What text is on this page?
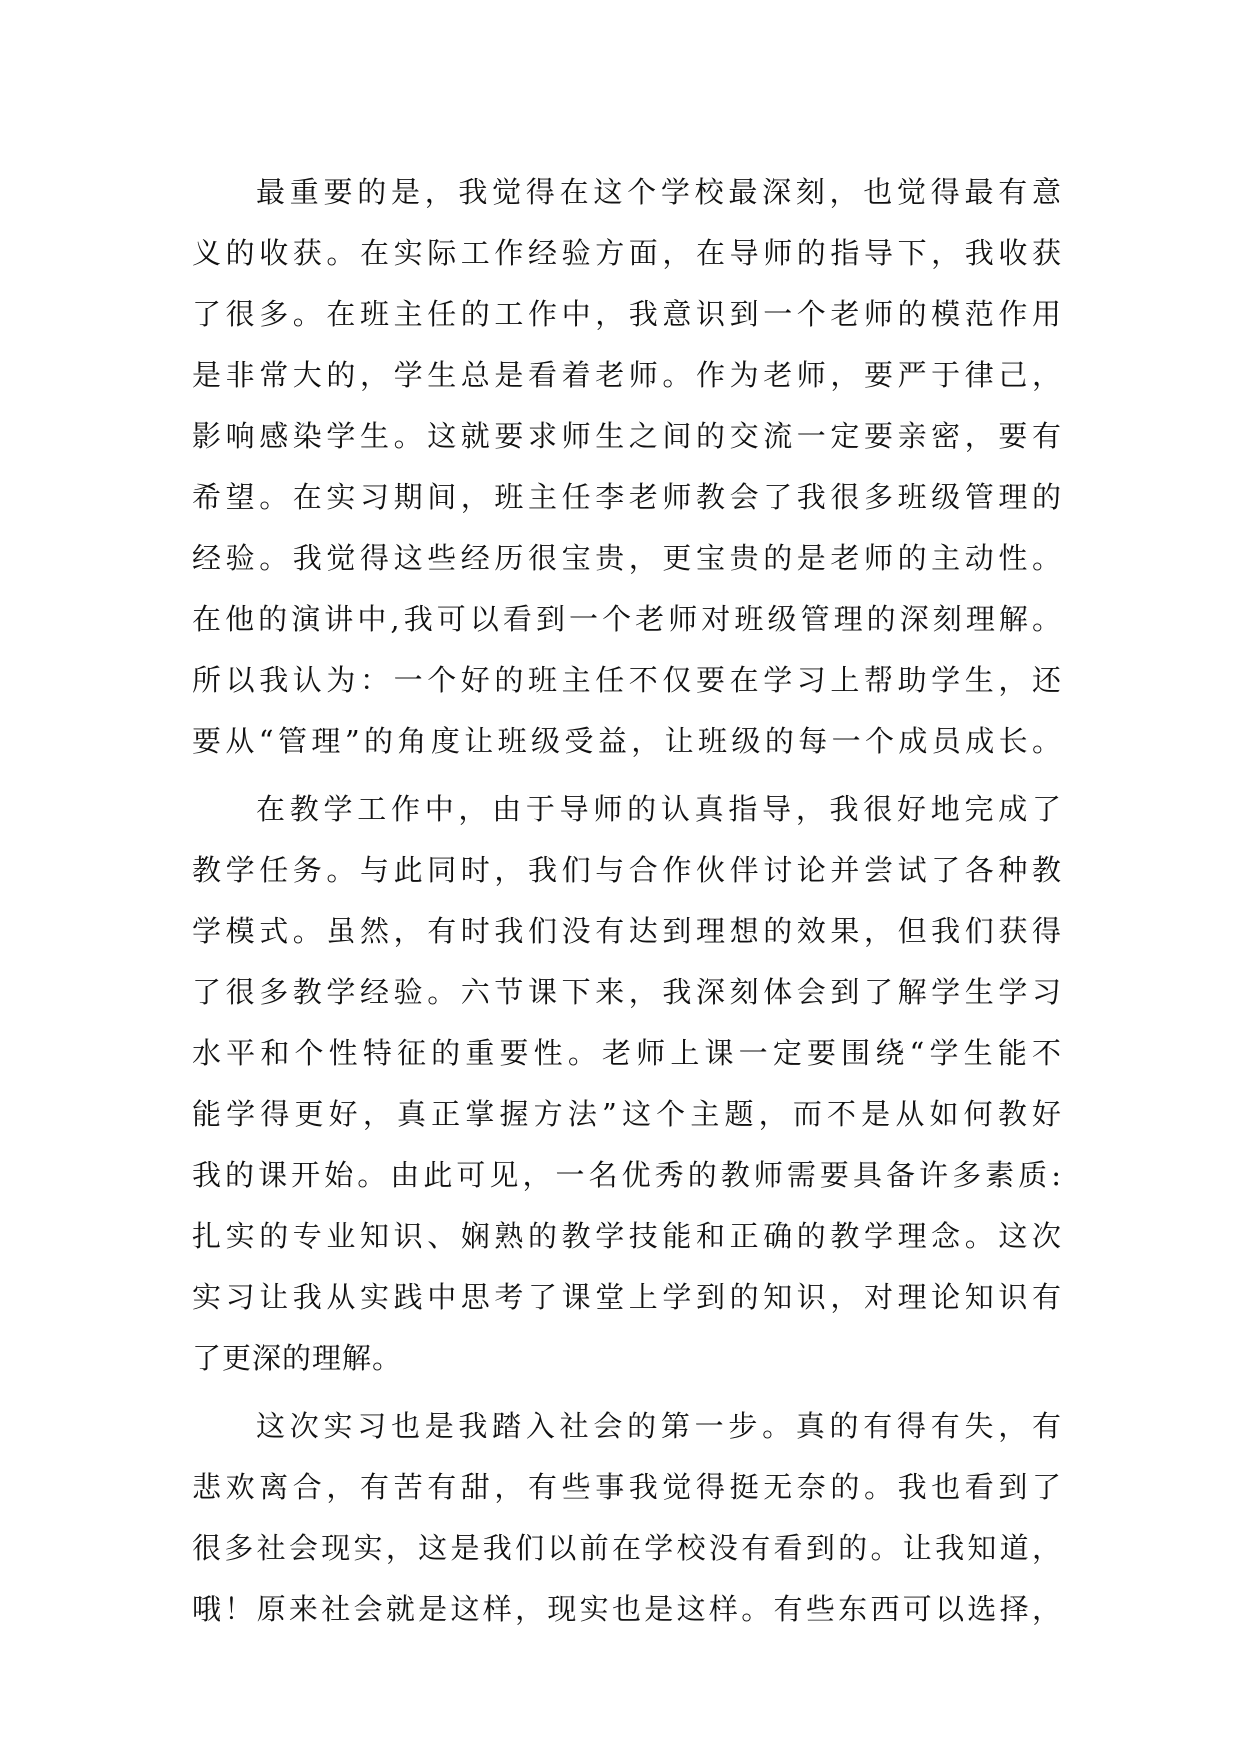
最重要的是，我觉得在这个学校最深刻，也觉得最有意
义的收获。在实际工作经验方面，在导师的指导下，我收获
了很多。在班主任的工作中，我意识到一个老师的模范作用
是非常大的，学生总是看着老师。作为老师，要严于律己，
影响感染学生。这就要求师生之间的交流一定要亲密，要有
希望。在实习期间，班主任李老师教会了我很多班级管理的
经验。我觉得这些经历很宝贵，更宝贵的是老师的主动性。
在他的演讲中,我可以看到一个老师对班级管理的深刻理解。
所以我认为：一个好的班主任不仅要在学习上帮助学生，还
要从“管理”的角度让班级受益，让班级的每一个成员成长。
在教学工作中，由于导师的认真指导，我很好地完成了
教学任务。与此同时，我们与合作伙伴讨论并尝试了各种教
学模式。虽然，有时我们没有达到理想的效果，但我们获得
了很多教学经验。六节课下来，我深刻体会到了解学生学习
水平和个性特征的重要性。老师上课一定要围绕“学生能不
能学得更好，真正掌握方法”这个主题，而不是从如何教好
我的课开始。由此可见，一名优秀的教师需要具备许多素质:
扎实的专业知识、娴熟的教学技能和正确的教学理念。这次
实习让我从实践中思考了课堂上学到的知识，对理论知识有
了更深的理解。
这次实习也是我踏入社会的第一步。真的有得有失，有
悲欢离合，有苦有甜，有些事我觉得挺无奈的。我也看到了
很多社会现实，这是我们以前在学校没有看到的。让我知道，
哦！原来社会就是这样，现实也是这样。有些东西可以选择，
